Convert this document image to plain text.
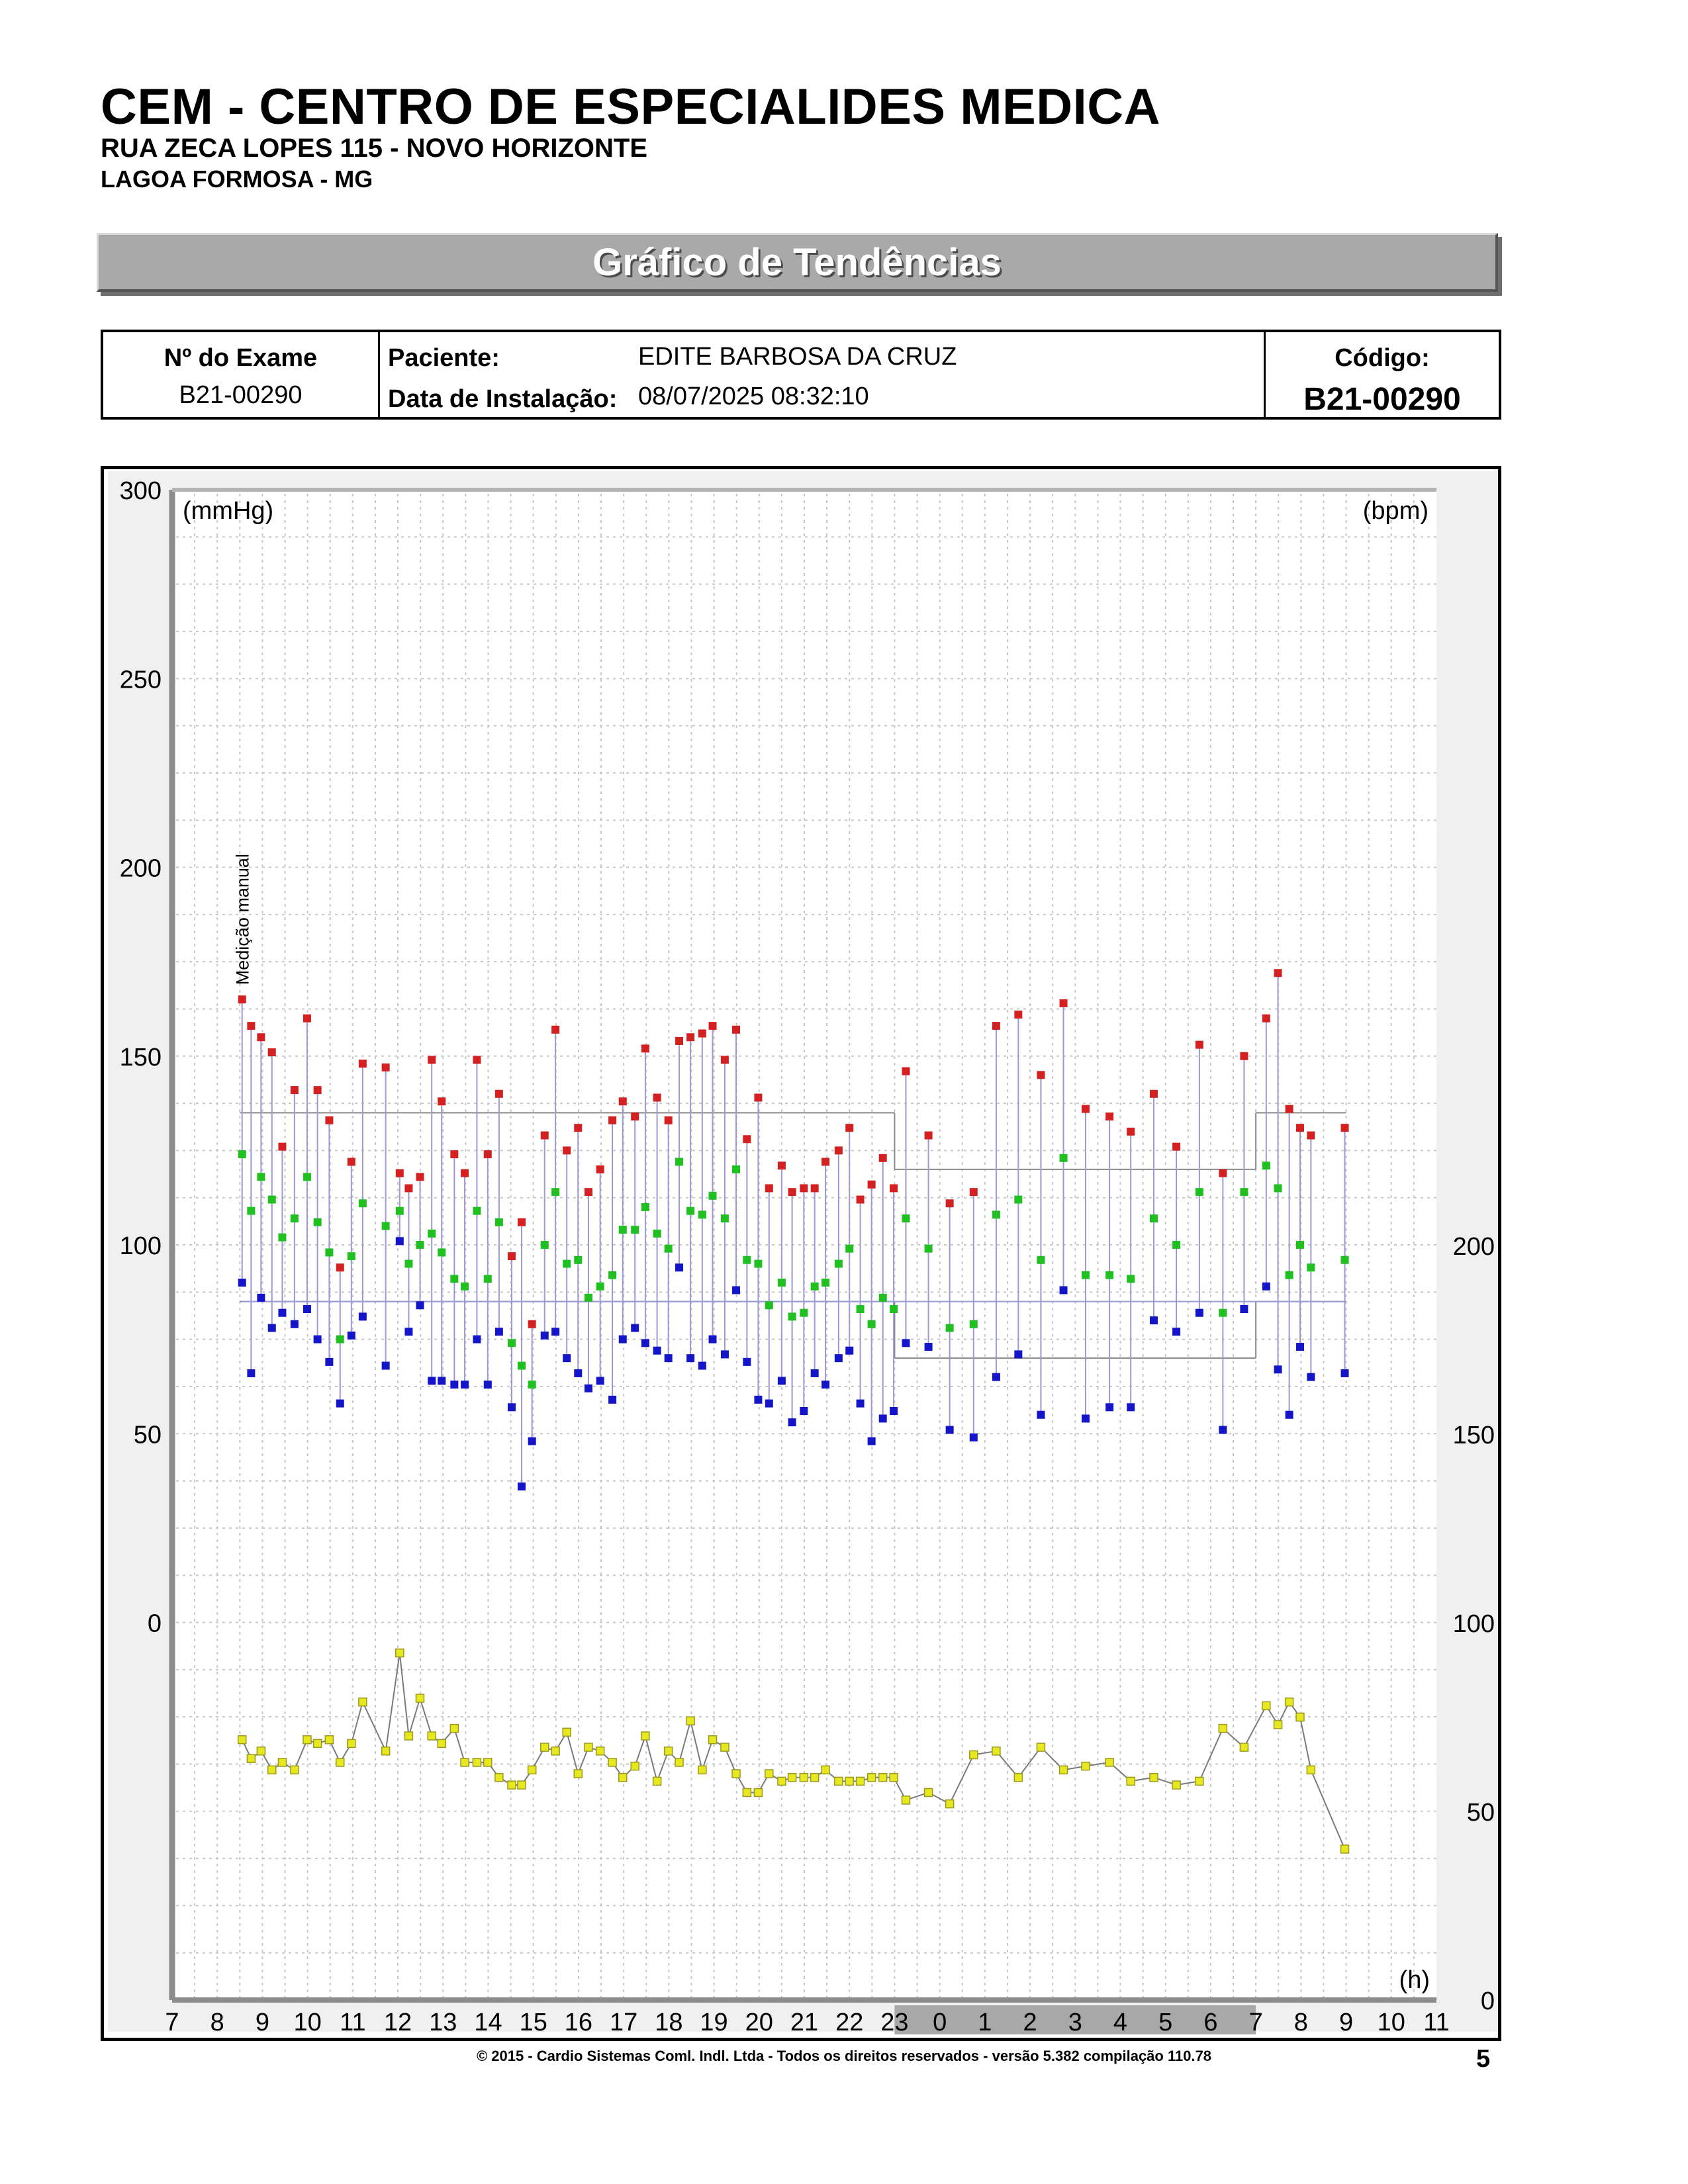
CEM - CENTRO DE ESPECIALIDES MEDICA
RUA ZECA LOPES 115 - NOVO HORIZONTE
LAGOA FORMOSA - MG
Gráfico de Tendências
Nº do Exame
B21-00290
Paciente:	EDITE BARBOSA DA CRUZ
Data de Instalação: 08/07/2025 08:32:10
Código:
B21-00290
0
50
100
150
200
250
300
0
50
100
150
200
(mmHg)	(bpm)
(h)
7 8 9 10 11 12 13 14 15 16 17 18 19 20 21 22 23 0 1 2 3 4 5 6 7 8 9 10 11
Medição manual
© 2015 - Cardio Sistemas Coml. Indl. Ltda - Todos os direitos reservados - versão 5.382 compilação 110.78	5
